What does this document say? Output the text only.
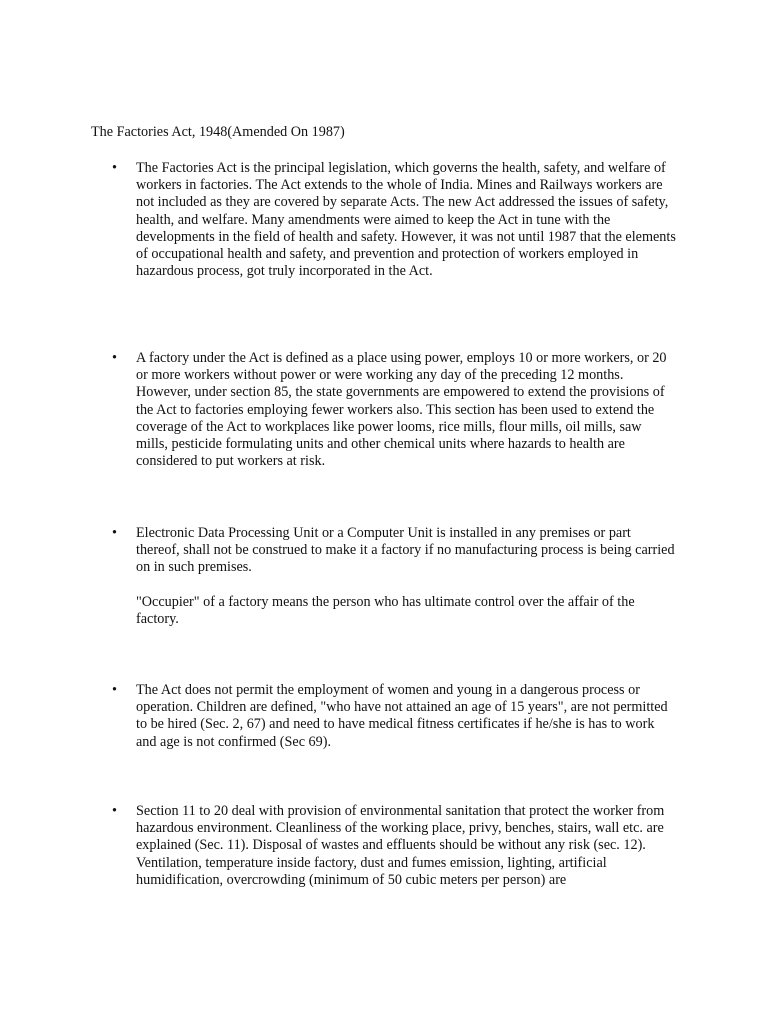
The Factories Act, 1948(Amended On 1987)
•	The Factories Act is the principal legislation, which governs the health, safety, and welfare of workers in factories. The Act extends to the whole of India. Mines and Railways workers are not included as they are covered by separate Acts. The new Act addressed the issues of safety, health, and welfare. Many amendments were aimed to keep the Act in tune with the developments in the field of health and safety. However, it was not until 1987 that the elements of occupational health and safety, and prevention and protection of workers employed in hazardous process, got truly incorporated in the Act.
•	A factory under the Act is defined as a place using power, employs 10 or more workers, or 20 or more workers without power or were working any day of the preceding 12 months. However, under section 85, the state governments are empowered to extend the provisions of the Act to factories employing fewer workers also. This section has been used to extend the coverage of the Act to workplaces like power looms, rice mills, flour mills, oil mills, saw mills, pesticide formulating units and other chemical units where hazards to health are considered to put workers at risk.
•	Electronic Data Processing Unit or a Computer Unit is installed in any premises or part thereof, shall not be construed to make it a factory if no manufacturing process is being carried on in such premises.
"Occupier" of a factory means the person who has ultimate control over the affair of the factory.
•	The Act does not permit the employment of women and young in a dangerous process or operation. Children are defined, "who have not attained an age of 15 years", are not permitted to be hired (Sec. 2, 67) and need to have medical fitness certificates if he/she is has to work and age is not confirmed (Sec 69).
•	Section 11 to 20 deal with provision of environmental sanitation that protect the worker from hazardous environment. Cleanliness of the working place, privy, benches, stairs, wall etc. are explained (Sec. 11). Disposal of wastes and effluents should be without any risk (sec. 12). Ventilation, temperature inside factory, dust and fumes emission, lighting, artificial humidification, overcrowding (minimum of 50 cubic meters per person) are
